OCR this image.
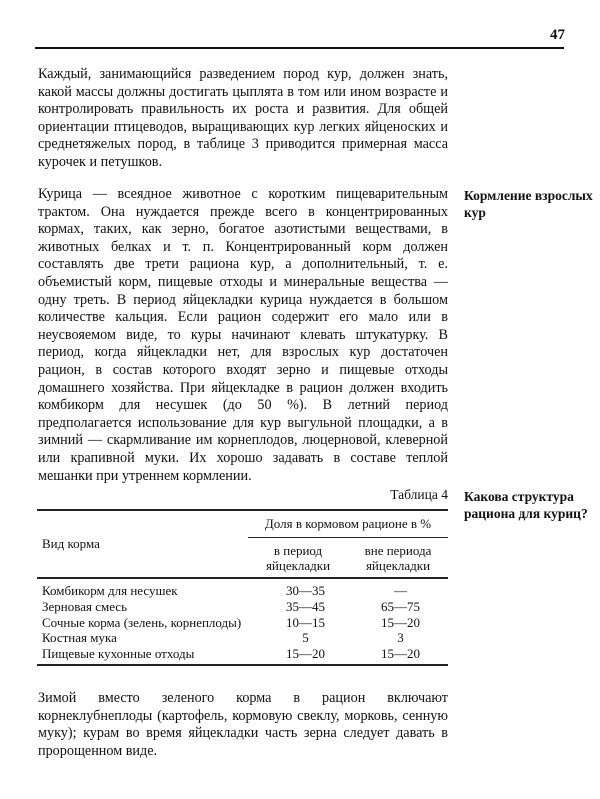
47

Каждый, занимающийся разведением пород кур, должен знать, какой массы должны достигать цыплята в том или ином возрасте и контролировать правильность их роста и развития. Для общей ориентации птицеводов, выращивающих кур легких яйценоских и среднетяжелых пород, в таблице 3 приводится примерная масса курочек и петушков.

Курица — всеядное животное с коротким пищеварительным трактом. Она нуждается прежде всего в концентрированных кормах, таких, как зерно, богатое азотистыми веществами, в животных белках и т. п. Концентрированный корм должен составлять две трети рациона кур, а дополнительный, т. е. объемистый корм, пищевые отходы и минеральные вещества — одну треть. В период яйцекладки курица нуждается в большом количестве кальция. Если рацион содержит его мало или в неусвояемом виде, то куры начинают клевать штукатурку. В период, когда яйцекладки нет, для взрослых кур достаточен рацион, в состав которого входят зерно и пищевые отходы домашнего хозяйства. При яйцекладке в рацион должен входить комбикорм для несушек (до 50 %). В летний период предполагается использование для кур выгульной площадки, а в зимний — скармливание им корнеплодов, люцерновой, клеверной или крапивной муки. Их хорошо задавать в составе теплой мешанки при утреннем кормлении.

Кормление взрослых кур
Таблица 4 Какова структура рациона для куриц?
Вид корма
Доля в кормовом рационе в %
в период яйцекладки
вне периода яйцекладки
Комбикорм для несушек	30—35	—
Зерновая смесь	35—45	65—75
Сочные корма (зелень, корнеплоды)	10—15	15—20
Костная мука	5	3
Пищевые кухонные отходы	15—20	15—20

Зимой вместо зеленого корма в рацион включают корнеклубнеплоды (картофель, кормовую свеклу, морковь, сенную муку); курам во время яйцекладки часть зерна следует давать в пророщенном виде.
